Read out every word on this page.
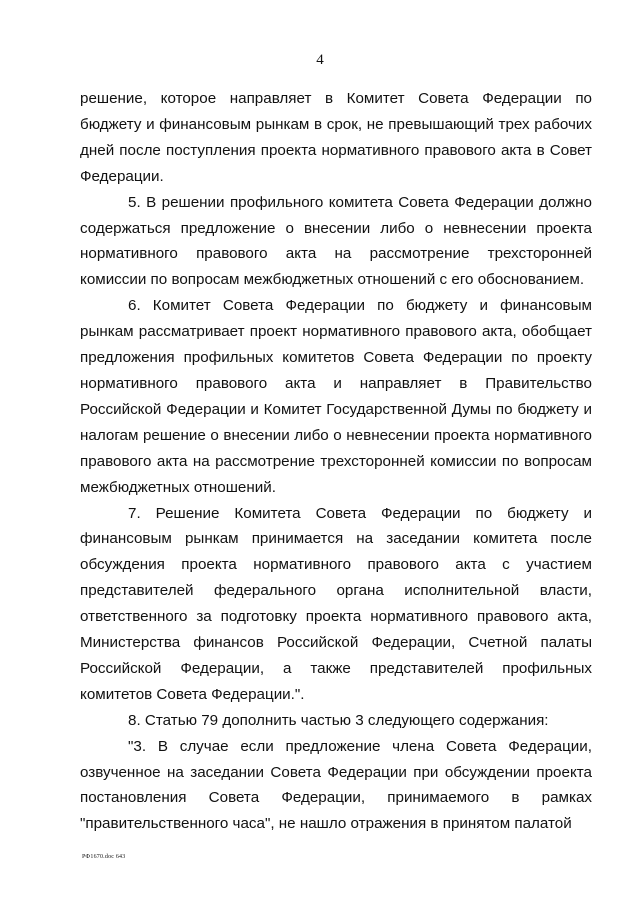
4

решение, которое направляет в Комитет Совета Федерации по бюджету и финансовым рынкам в срок, не превышающий трех рабочих дней после поступления проекта нормативного правового акта в Совет Федерации.

5. В решении профильного комитета Совета Федерации должно содержаться предложение о внесении либо о невнесении проекта нормативного правового акта на рассмотрение трехсторонней комиссии по вопросам межбюджетных отношений с его обоснованием.

6. Комитет Совета Федерации по бюджету и финансовым рынкам рассматривает проект нормативного правового акта, обобщает предложения профильных комитетов Совета Федерации по проекту нормативного правового акта и направляет в Правительство Российской Федерации и Комитет Государственной Думы по бюджету и налогам решение о внесении либо о невнесении проекта нормативного правового акта на рассмотрение трехсторонней комиссии по вопросам межбюджетных отношений.

7. Решение Комитета Совета Федерации по бюджету и финансовым рынкам принимается на заседании комитета после обсуждения проекта нормативного правового акта с участием представителей федерального органа исполнительной власти, ответственного за подготовку проекта нормативного правового акта, Министерства финансов Российской Федерации, Счетной палаты Российской Федерации, а также представителей профильных комитетов Совета Федерации.".

8. Статью 79 дополнить частью 3 следующего содержания:

"3. В случае если предложение члена Совета Федерации, озвученное на заседании Совета Федерации при обсуждении проекта постановления Совета Федерации, принимаемого в рамках "правительственного часа", не нашло отражения в принятом палатой

РФ1670.doc 643
